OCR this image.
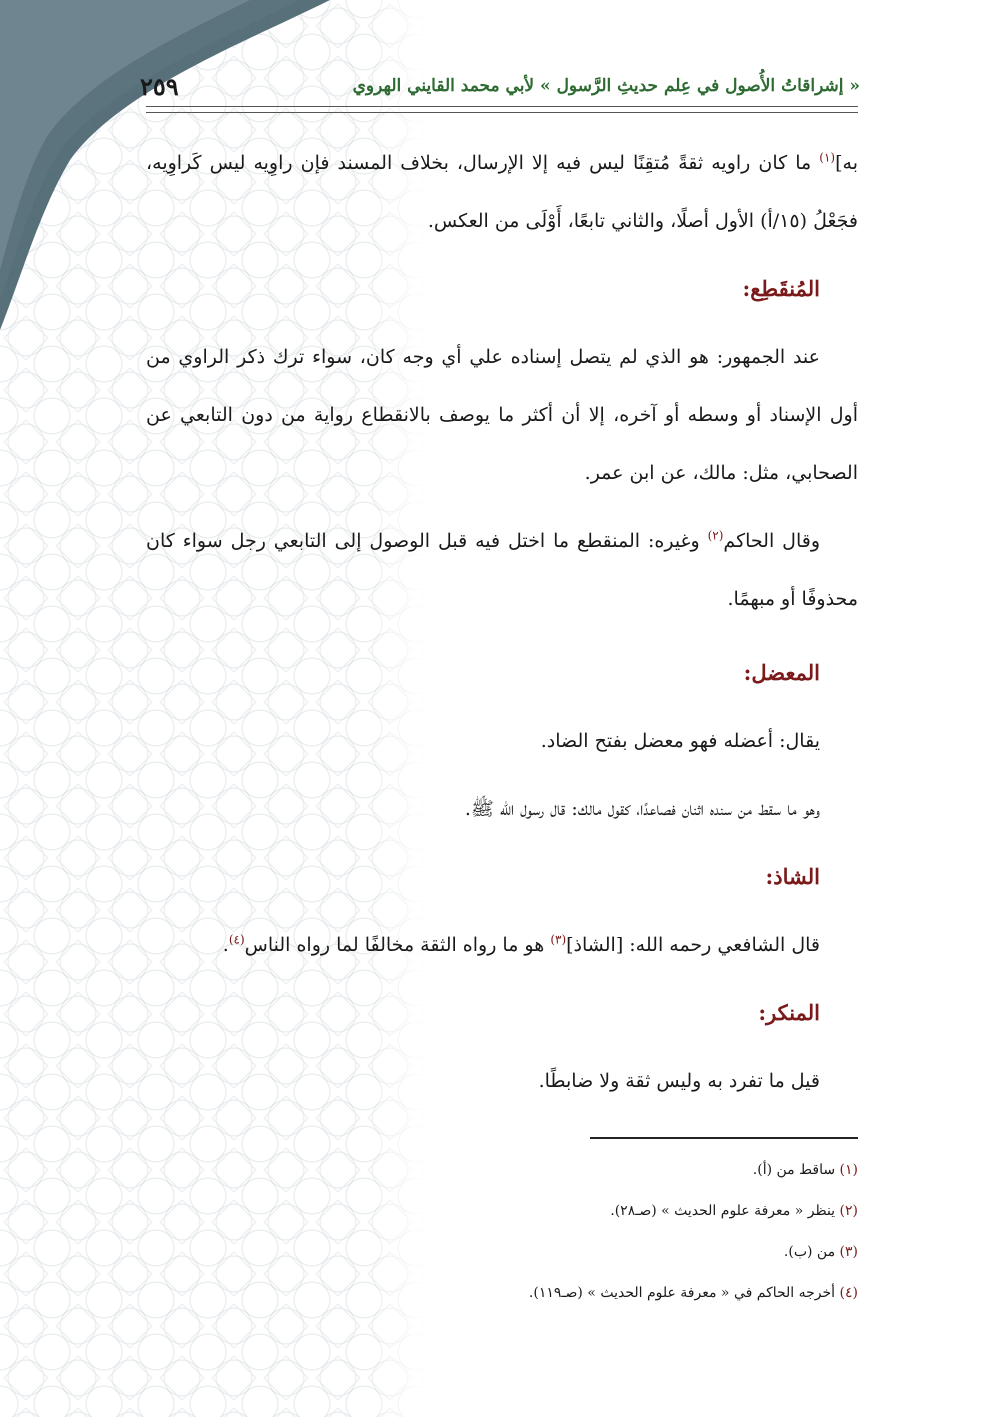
« إشراقاتُ الأُصول في عِلم حديثِ الرَّسول » لأبي محمد القايني الهروي
٢٥٩

به]$^{(١)}$ ما كان راويه ثقةً مُتقِنًا ليس فيه إلا الإرسال، بخلاف المسند فإن راوِيه ليس كَراوِيه، فجَعْلُ (١٥/أ) الأول أصلًا، والثاني تابعًا، أَوْلَى من العكس.

المُنقَطِع:

عند الجمهور: هو الذي لم يتصل إسناده علي أي وجه كان، سواء ترك ذكر الراوي من أول الإسناد أو وسطه أو آخره، إلا أن أكثر ما يوصف بالانقطاع رواية من دون التابعي عن الصحابي، مثل: مالك، عن ابن عمر.

وقال الحاكم$^{(٢)}$ وغيره: المنقطع ما اختل فيه قبل الوصول إلى التابعي رجل سواء كان محذوفًا أو مبهمًا.

المعضل:

يقال: أعضله فهو معضل بفتح الضاد.

وهو ما سقط من سنده اثنان فصاعدًا، كقول مالك: قال رسول الله ﷺ.

الشاذ:

قال الشافعي رحمه الله: [الشاذ]$^{(٣)}$ هو ما رواه الثقة مخالفًا لما رواه الناس$^{(٤)}$.

المنكر:

قيل ما تفرد به وليس ثقة ولا ضابطًا.

(١) ساقط من (أ).

(٢) ينظر « معرفة علوم الحديث » (صـ٢٨).

(٣) من (ب).

(٤) أخرجه الحاكم في « معرفة علوم الحديث » (صـ١١٩).
